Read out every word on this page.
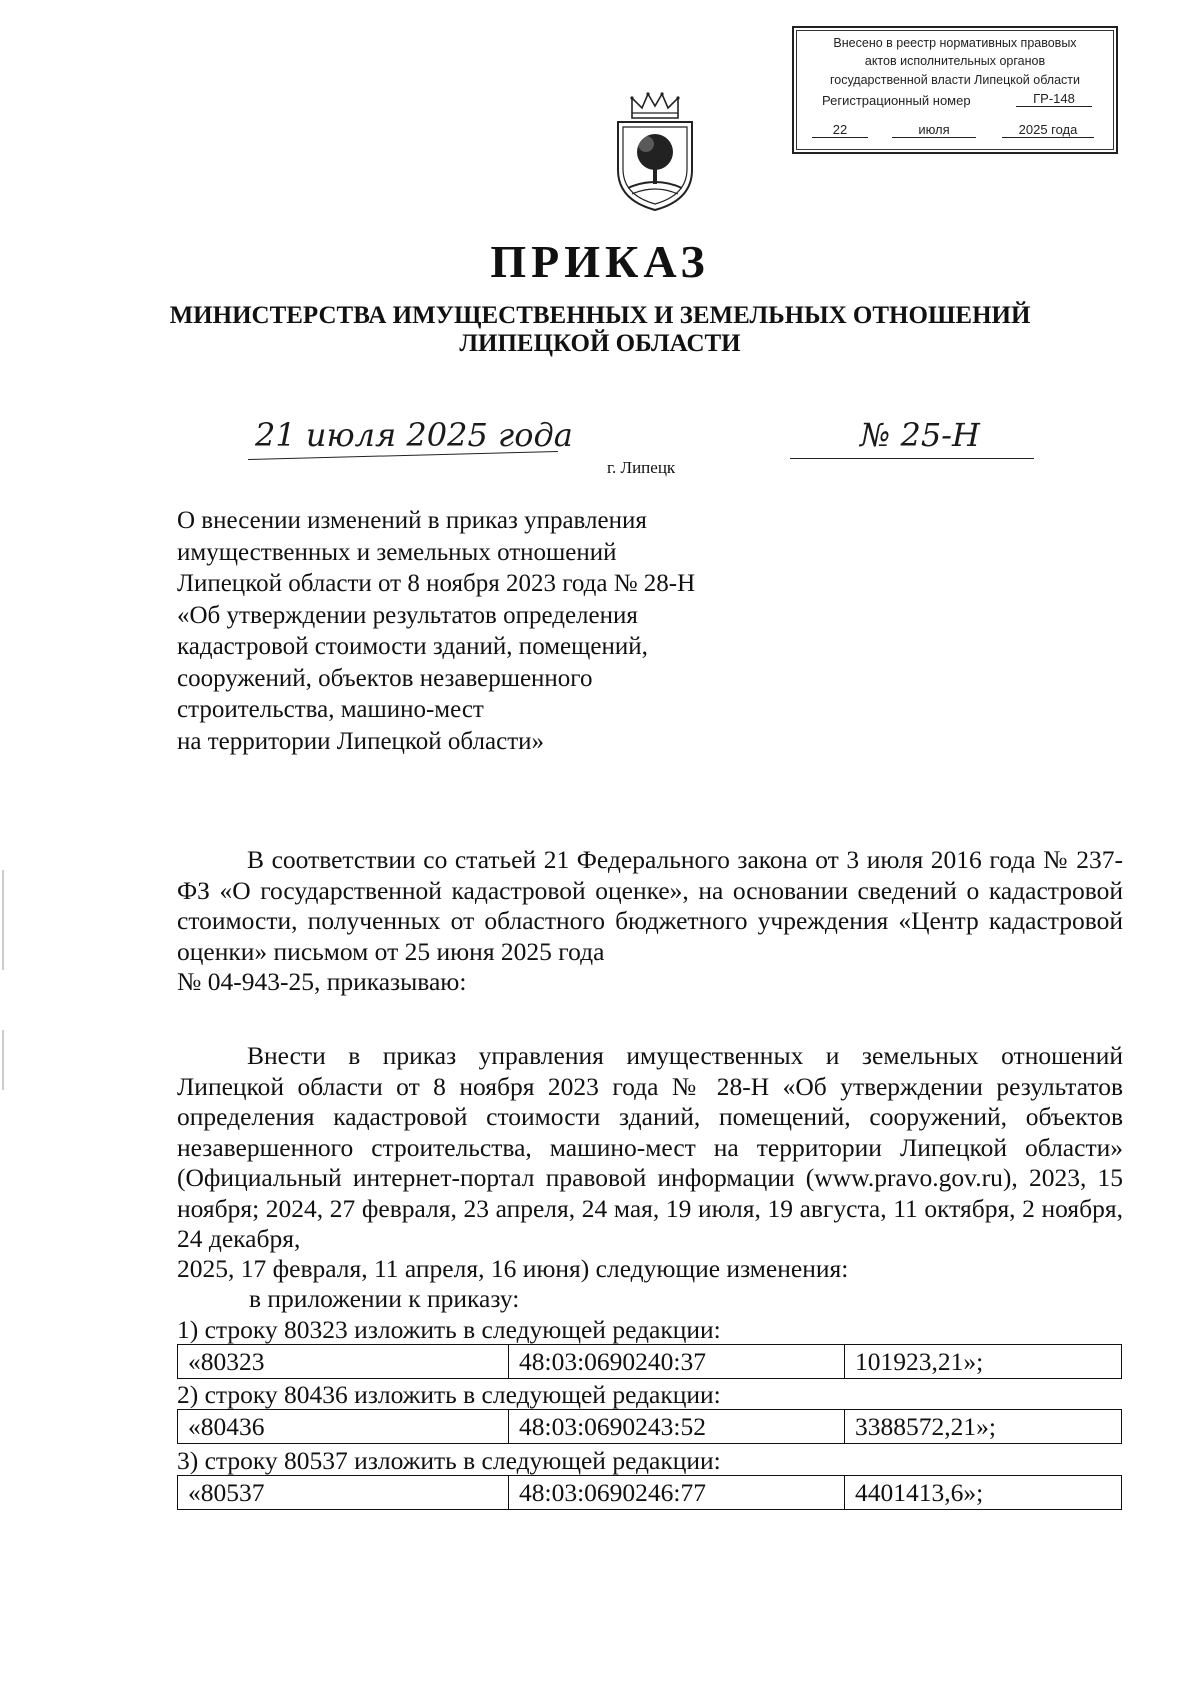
Внесено в реестр нормативных правовых
актов исполнительных органов
государственной власти Липецкой области
Регистрационный номер	ГР-148
22	июля	2025 года
ПРИКАЗ
МИНИСТЕРСТВА ИМУЩЕСТВЕННЫХ И ЗЕМЕЛЬНЫХ ОТНОШЕНИЙ
ЛИПЕЦКОЙ ОБЛАСТИ
21 июля 2025 года	№ 25-Н
г. Липецк
О внесении изменений в приказ управления
имущественных и земельных отношений
Липецкой области от 8 ноября 2023 года № 28-Н
«Об утверждении результатов определения
кадастровой стоимости зданий, помещений,
сооружений, объектов незавершенного
строительства, машино-мест
на территории Липецкой области»
В соответствии со статьей 21 Федерального закона от 3 июля 2016 года № 237-ФЗ «О государственной кадастровой оценке», на основании сведений о кадастровой стоимости, полученных от областного бюджетного учреждения «Центр кадастровой оценки» письмом от 25 июня 2025 года
№ 04-943-25, приказываю:
Внести в приказ управления имущественных и земельных отношений Липецкой области от 8 ноября 2023 года № 28-Н «Об утверждении результатов определения кадастровой стоимости зданий, помещений, сооружений, объектов незавершенного строительства, машино-мест на территории Липецкой области» (Официальный интернет-портал правовой информации (www.pravo.gov.ru), 2023, 15 ноября; 2024, 27 февраля, 23 апреля, 24 мая, 19 июля, 19 августа, 11 октября, 2 ноября, 24 декабря,
2025, 17 февраля, 11 апреля, 16 июня) следующие изменения:
в приложении к приказу:
1) строку 80323 изложить в следующей редакции:
«80323	48:03:0690240:37	101923,21»;
2) строку 80436 изложить в следующей редакции:
«80436	48:03:0690243:52	3388572,21»;
3) строку 80537 изложить в следующей редакции:
«80537	48:03:0690246:77	4401413,6»;
